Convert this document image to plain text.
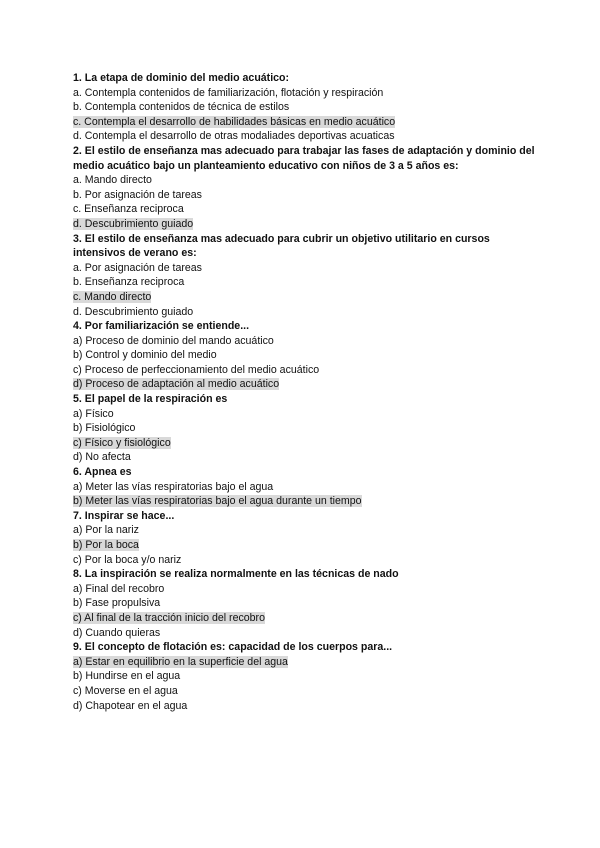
1. La etapa de dominio del medio acuático:
a. Contempla contenidos de familiarización, flotación y respiración
b. Contempla contenidos de técnica de estilos
c. Contempla el desarrollo de habilidades básicas en medio acuático
d. Contempla el desarrollo de otras modaliades deportivas acuaticas
2. El estilo de enseñanza mas adecuado para trabajar las fases de adaptación y dominio del medio acuático bajo un planteamiento educativo con niños de 3 a 5 años es:
a. Mando directo
b. Por asignación de tareas
c. Enseñanza reciproca
d. Descubrimiento guiado
3. El estilo de enseñanza mas adecuado para cubrir un objetivo utilitario en cursos intensivos de verano es:
a. Por asignación de tareas
b. Enseñanza reciproca
c. Mando directo
d. Descubrimiento guiado
4. Por familiarización se entiende...
a) Proceso de dominio del mando acuático
b) Control y dominio del medio
c) Proceso de perfeccionamiento del medio acuático
d) Proceso de adaptación al medio acuático
5. El papel de la respiración es
a) Físico
b) Fisiológico
c) Físico y fisiológico
d) No afecta
6. Apnea es
a) Meter las vías respiratorias bajo el agua
b) Meter las vías respiratorias bajo el agua durante un tiempo
7. Inspirar se hace...
a) Por la nariz
b) Por la boca
c) Por la boca y/o nariz
8. La inspiración se realiza normalmente en las técnicas de nado
a) Final del recobro
b) Fase propulsiva
c) Al final de la tracción inicio del recobro
d) Cuando quieras
9. El concepto de flotación es: capacidad de los cuerpos para...
a) Estar en equilibrio en la superficie del agua
b) Hundirse en el agua
c) Moverse en el agua
d) Chapotear en el agua
